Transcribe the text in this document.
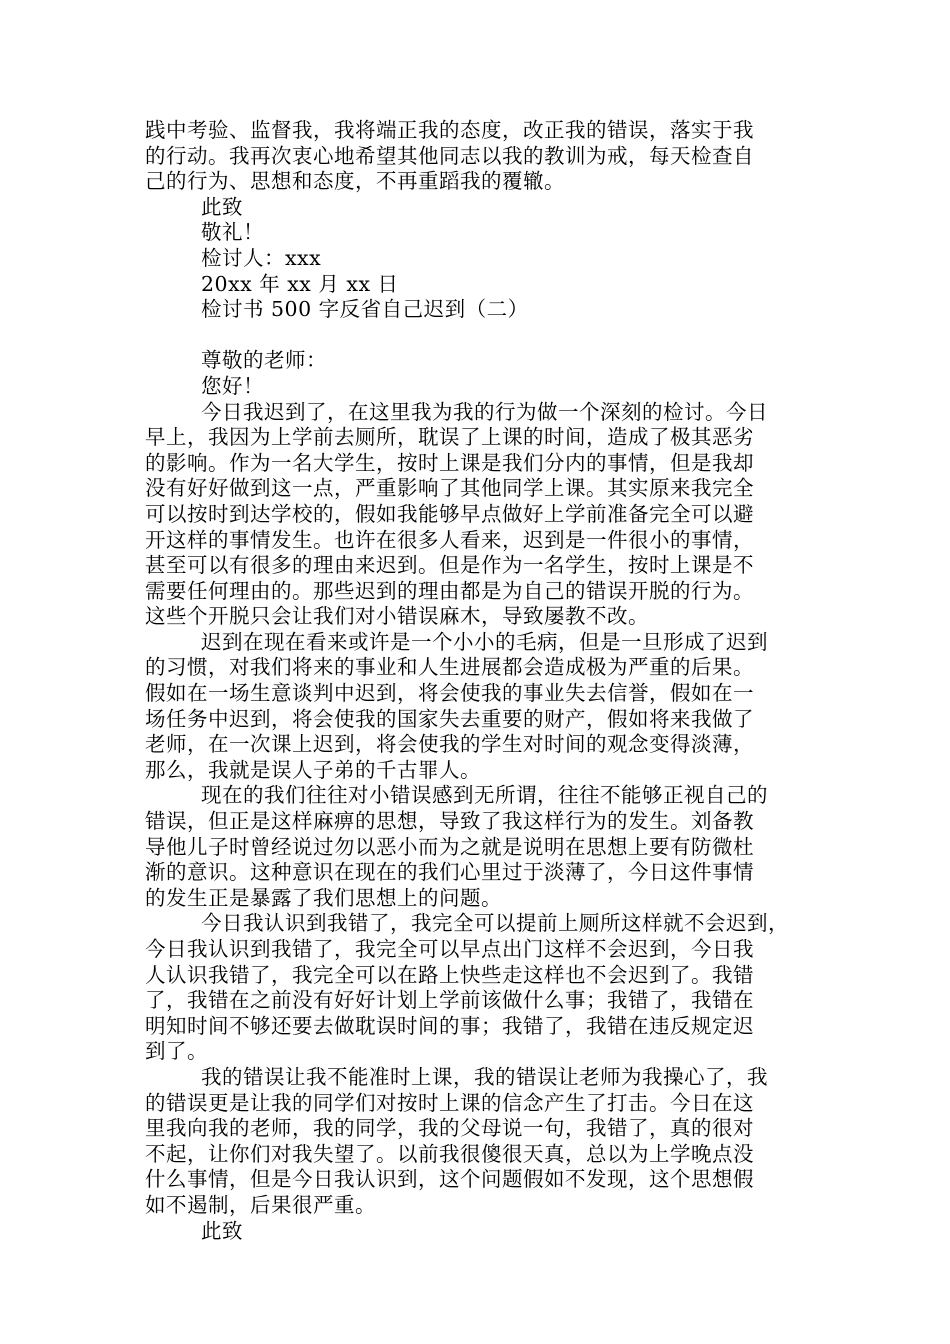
践中考验、监督我，我将端正我的态度，改正我的错误，落实于我
的行动。我再次衷心地希望其他同志以我的教训为戒，每天检查自
己的行为、思想和态度，不再重蹈我的覆辙。
此致
敬礼！
检讨人：xxx
20xx 年 xx 月 xx 日
检讨书 500 字反省自己迟到（二）
尊敬的老师：
您好！
今日我迟到了，在这里我为我的行为做一个深刻的检讨。今日
早上，我因为上学前去厕所，耽误了上课的时间，造成了极其恶劣
的影响。作为一名大学生，按时上课是我们分内的事情，但是我却
没有好好做到这一点，严重影响了其他同学上课。其实原来我完全
可以按时到达学校的，假如我能够早点做好上学前准备完全可以避
开这样的事情发生。也许在很多人看来，迟到是一件很小的事情，
甚至可以有很多的理由来迟到。但是作为一名学生，按时上课是不
需要任何理由的。那些迟到的理由都是为自己的错误开脱的行为。
这些个开脱只会让我们对小错误麻木，导致屡教不改。
迟到在现在看来或许是一个小小的毛病，但是一旦形成了迟到
的习惯，对我们将来的事业和人生进展都会造成极为严重的后果。
假如在一场生意谈判中迟到，将会使我的事业失去信誉，假如在一
场任务中迟到，将会使我的国家失去重要的财产，假如将来我做了
老师，在一次课上迟到，将会使我的学生对时间的观念变得淡薄，
那么，我就是误人子弟的千古罪人。
现在的我们往往对小错误感到无所谓，往往不能够正视自己的
错误，但正是这样麻痹的思想，导致了我这样行为的发生。刘备教
导他儿子时曾经说过勿以恶小而为之就是说明在思想上要有防微杜
渐的意识。这种意识在现在的我们心里过于淡薄了，今日这件事情
的发生正是暴露了我们思想上的问题。
今日我认识到我错了，我完全可以提前上厕所这样就不会迟到，
今日我认识到我错了，我完全可以早点出门这样不会迟到，今日我
人认识我错了，我完全可以在路上快些走这样也不会迟到了。我错
了，我错在之前没有好好计划上学前该做什么事；我错了，我错在
明知时间不够还要去做耽误时间的事；我错了，我错在违反规定迟
到了。
我的错误让我不能准时上课，我的错误让老师为我操心了，我
的错误更是让我的同学们对按时上课的信念产生了打击。今日在这
里我向我的老师，我的同学，我的父母说一句，我错了，真的很对
不起，让你们对我失望了。以前我很傻很天真，总以为上学晚点没
什么事情，但是今日我认识到，这个问题假如不发现，这个思想假
如不遏制，后果很严重。
此致
